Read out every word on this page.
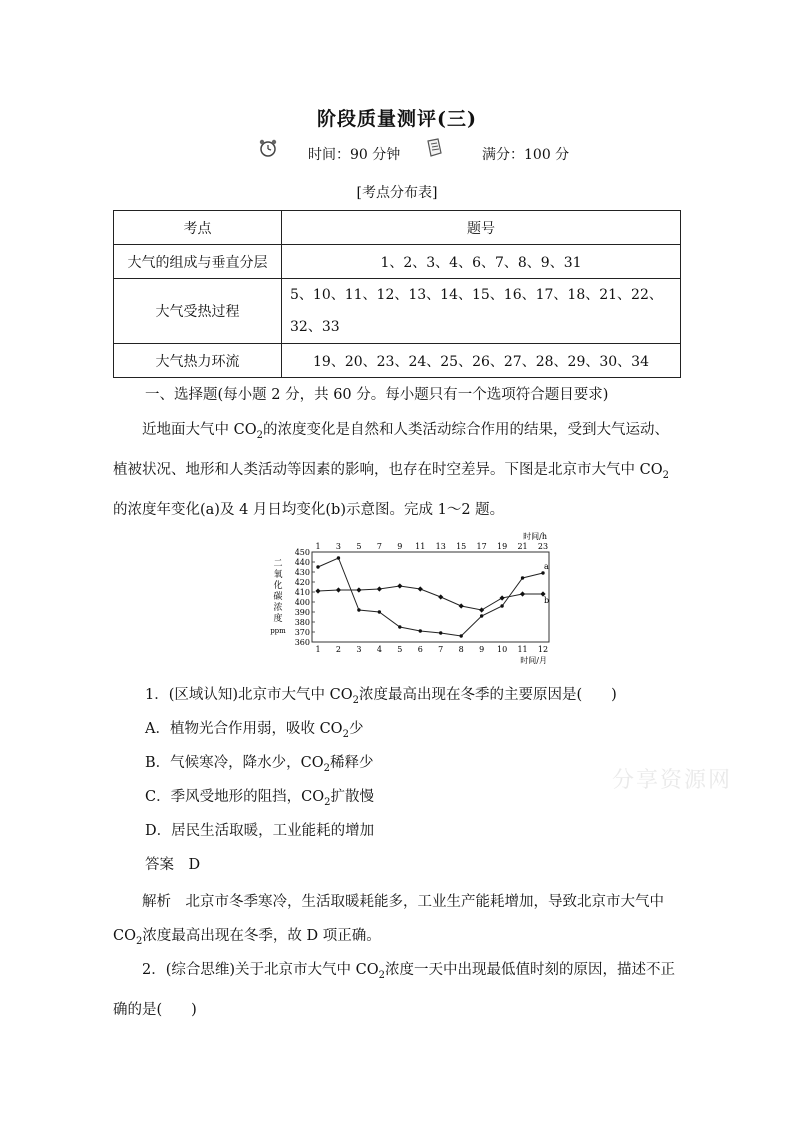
阶段质量测评(三)
时间：90 分钟	满分：100 分
[考点分布表]
考点	题号
大气的组成与垂直分层	1、2、3、4、6、7、8、9、31
大气受热过程	5、10、11、12、13、14、15、16、17、18、21、22、32、33
大气热力环流	19、20、23、24、25、26、27、28、29、30、34
一、选择题(每小题 2 分，共 60 分。每小题只有一个选项符合题目要求)
近地面大气中 $CO_2$的浓度变化是自然和人类活动综合作用的结果，受到大气运动、植被状况、地形和人类活动等因素的影响，也存在时空差异。下图是北京市大气中 $CO_2$的浓度年变化(a)及 4 月日均变化(b)示意图。完成 1～2 题。
360
370
380
390
400
410
420
430
440
450
1 2 3 4 5 6 7 8 9 10 11 12
1 3 5 7 9 11 13 15 17 19 21 23
时间/月
时间/h
二
氧
化
碳
浓
度
ppm
a
b
1．(区域认知)北京市大气中 $CO_2$浓度最高出现在冬季的主要原因是(　　)
A．植物光合作用弱，吸收 $CO_2$少
B．气候寒冷，降水少，$CO_2$稀释少
C．季风受地形的阻挡，$CO_2$扩散慢
D．居民生活取暖，工业能耗的增加
答案　 D
解析　 北京市冬季寒冷，生活取暖耗能多，工业生产能耗增加，导致北京市大气中 $CO_2$浓度最高出现在冬季，故 D 项正确。
2．(综合思维)关于北京市大气中 $CO_2$浓度一天中出现最低值时刻的原因，描述不正确的是(　　)
分享资源网
